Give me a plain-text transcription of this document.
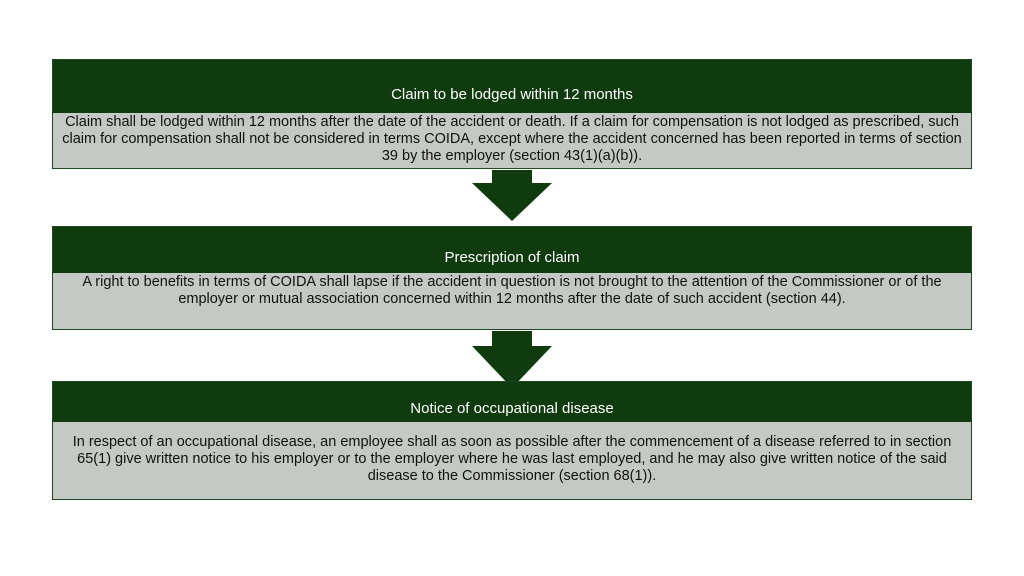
Claim to be lodged within 12 months
Claim shall be lodged within 12 months after the date of the accident or death. If a claim for compensation is not lodged as prescribed, such claim for compensation shall not be considered in terms COIDA, except where the accident concerned has been reported in terms of section 39 by the employer (section 43(1)(a)(b)).
Prescription of claim
A right to benefits in terms of COIDA shall lapse if the accident in question is not brought to the attention of the Commissioner or of the employer or mutual association concerned within 12 months after the date of such accident (section 44).
Notice of occupational disease
In respect of an occupational disease, an employee shall as soon as possible after the commencement of a disease referred to in section 65(1) give written notice to his employer or to the employer where he was last employed, and he may also give written notice of the said disease to the Commissioner (section 68(1)).
